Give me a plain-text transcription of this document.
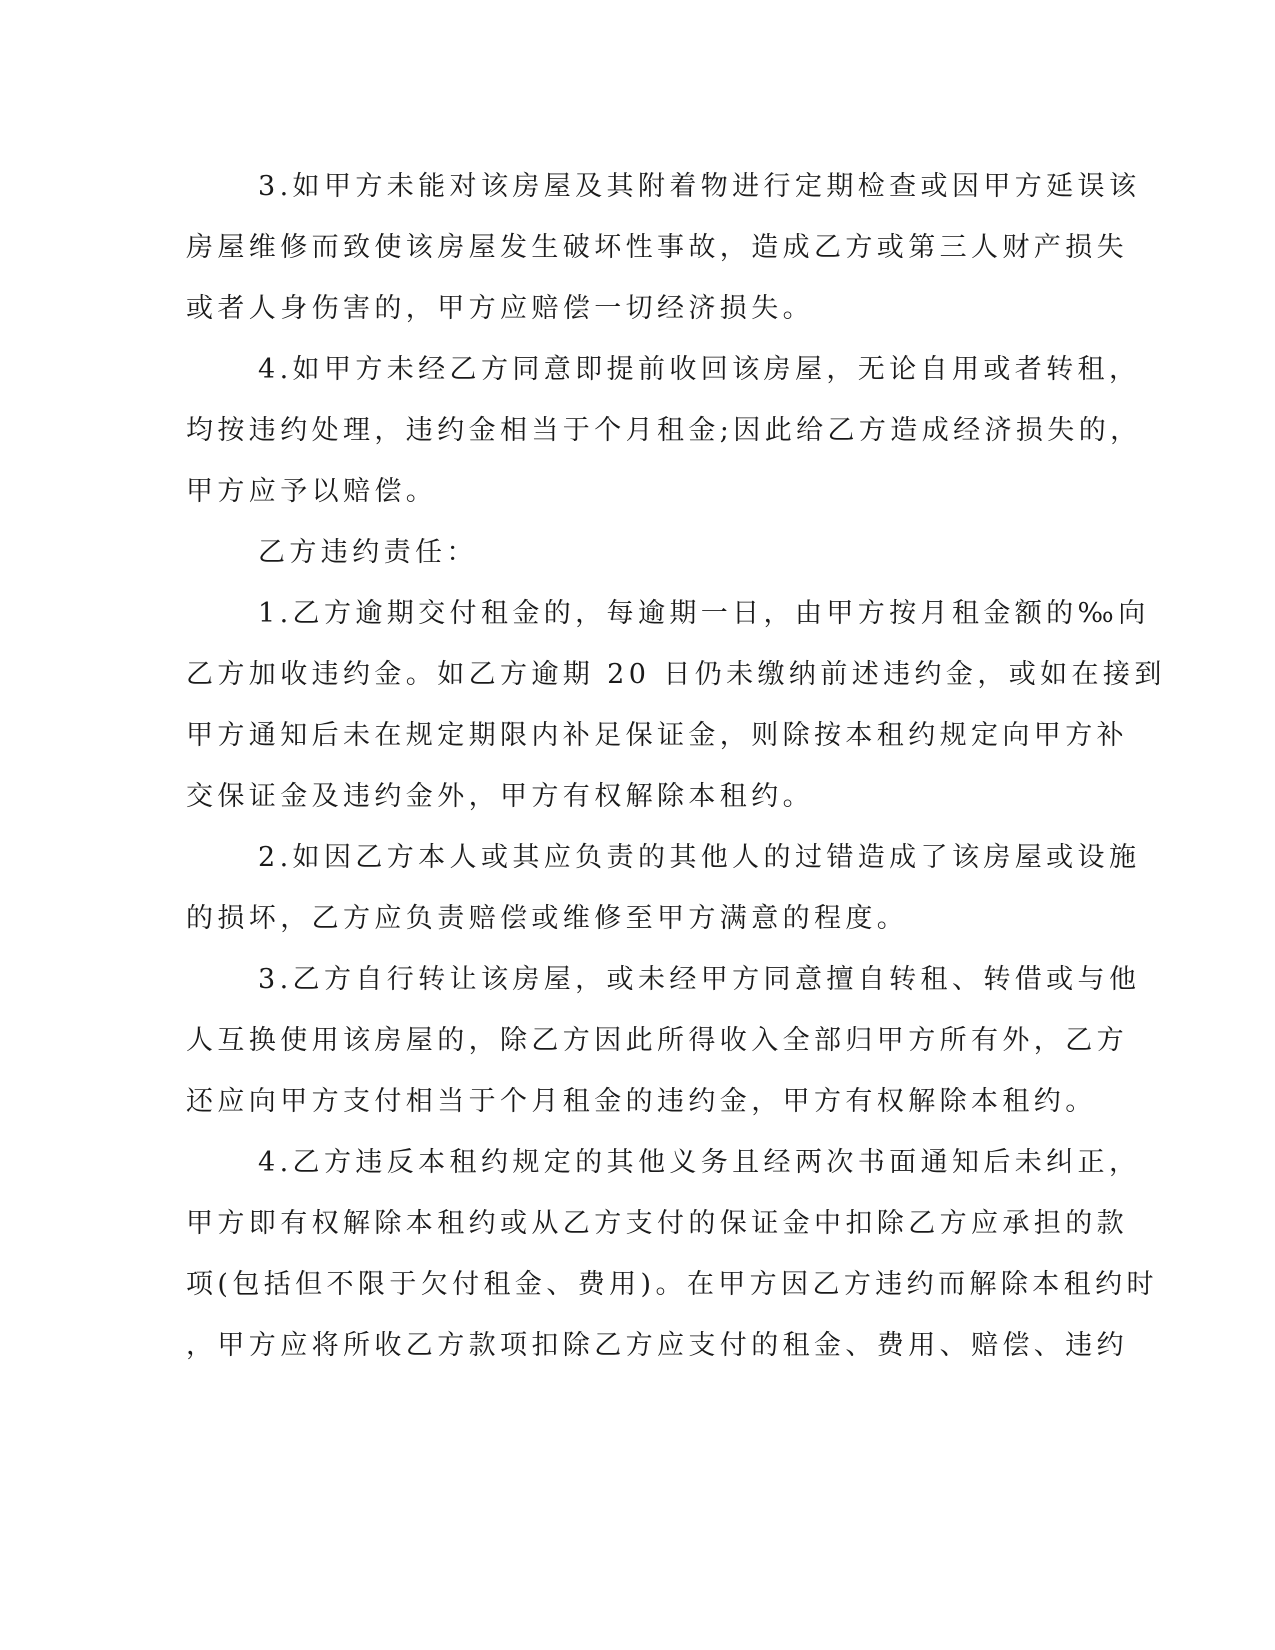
3.如甲方未能对该房屋及其附着物进行定期检查或因甲方延误该
房屋维修而致使该房屋发生破坏性事故，造成乙方或第三人财产损失
或者人身伤害的，甲方应赔偿一切经济损失。
4.如甲方未经乙方同意即提前收回该房屋，无论自用或者转租，
均按违约处理，违约金相当于个月租金;因此给乙方造成经济损失的，
甲方应予以赔偿。
乙方违约责任：
1.乙方逾期交付租金的，每逾期一日，由甲方按月租金额的‰向
乙方加收违约金。如乙方逾期 20 日仍未缴纳前述违约金，或如在接到
甲方通知后未在规定期限内补足保证金，则除按本租约规定向甲方补
交保证金及违约金外，甲方有权解除本租约。
2.如因乙方本人或其应负责的其他人的过错造成了该房屋或设施
的损坏，乙方应负责赔偿或维修至甲方满意的程度。
3.乙方自行转让该房屋，或未经甲方同意擅自转租、转借或与他
人互换使用该房屋的，除乙方因此所得收入全部归甲方所有外，乙方
还应向甲方支付相当于个月租金的违约金，甲方有权解除本租约。
4.乙方违反本租约规定的其他义务且经两次书面通知后未纠正，
甲方即有权解除本租约或从乙方支付的保证金中扣除乙方应承担的款
项(包括但不限于欠付租金、费用)。在甲方因乙方违约而解除本租约时
，甲方应将所收乙方款项扣除乙方应支付的租金、费用、赔偿、违约
